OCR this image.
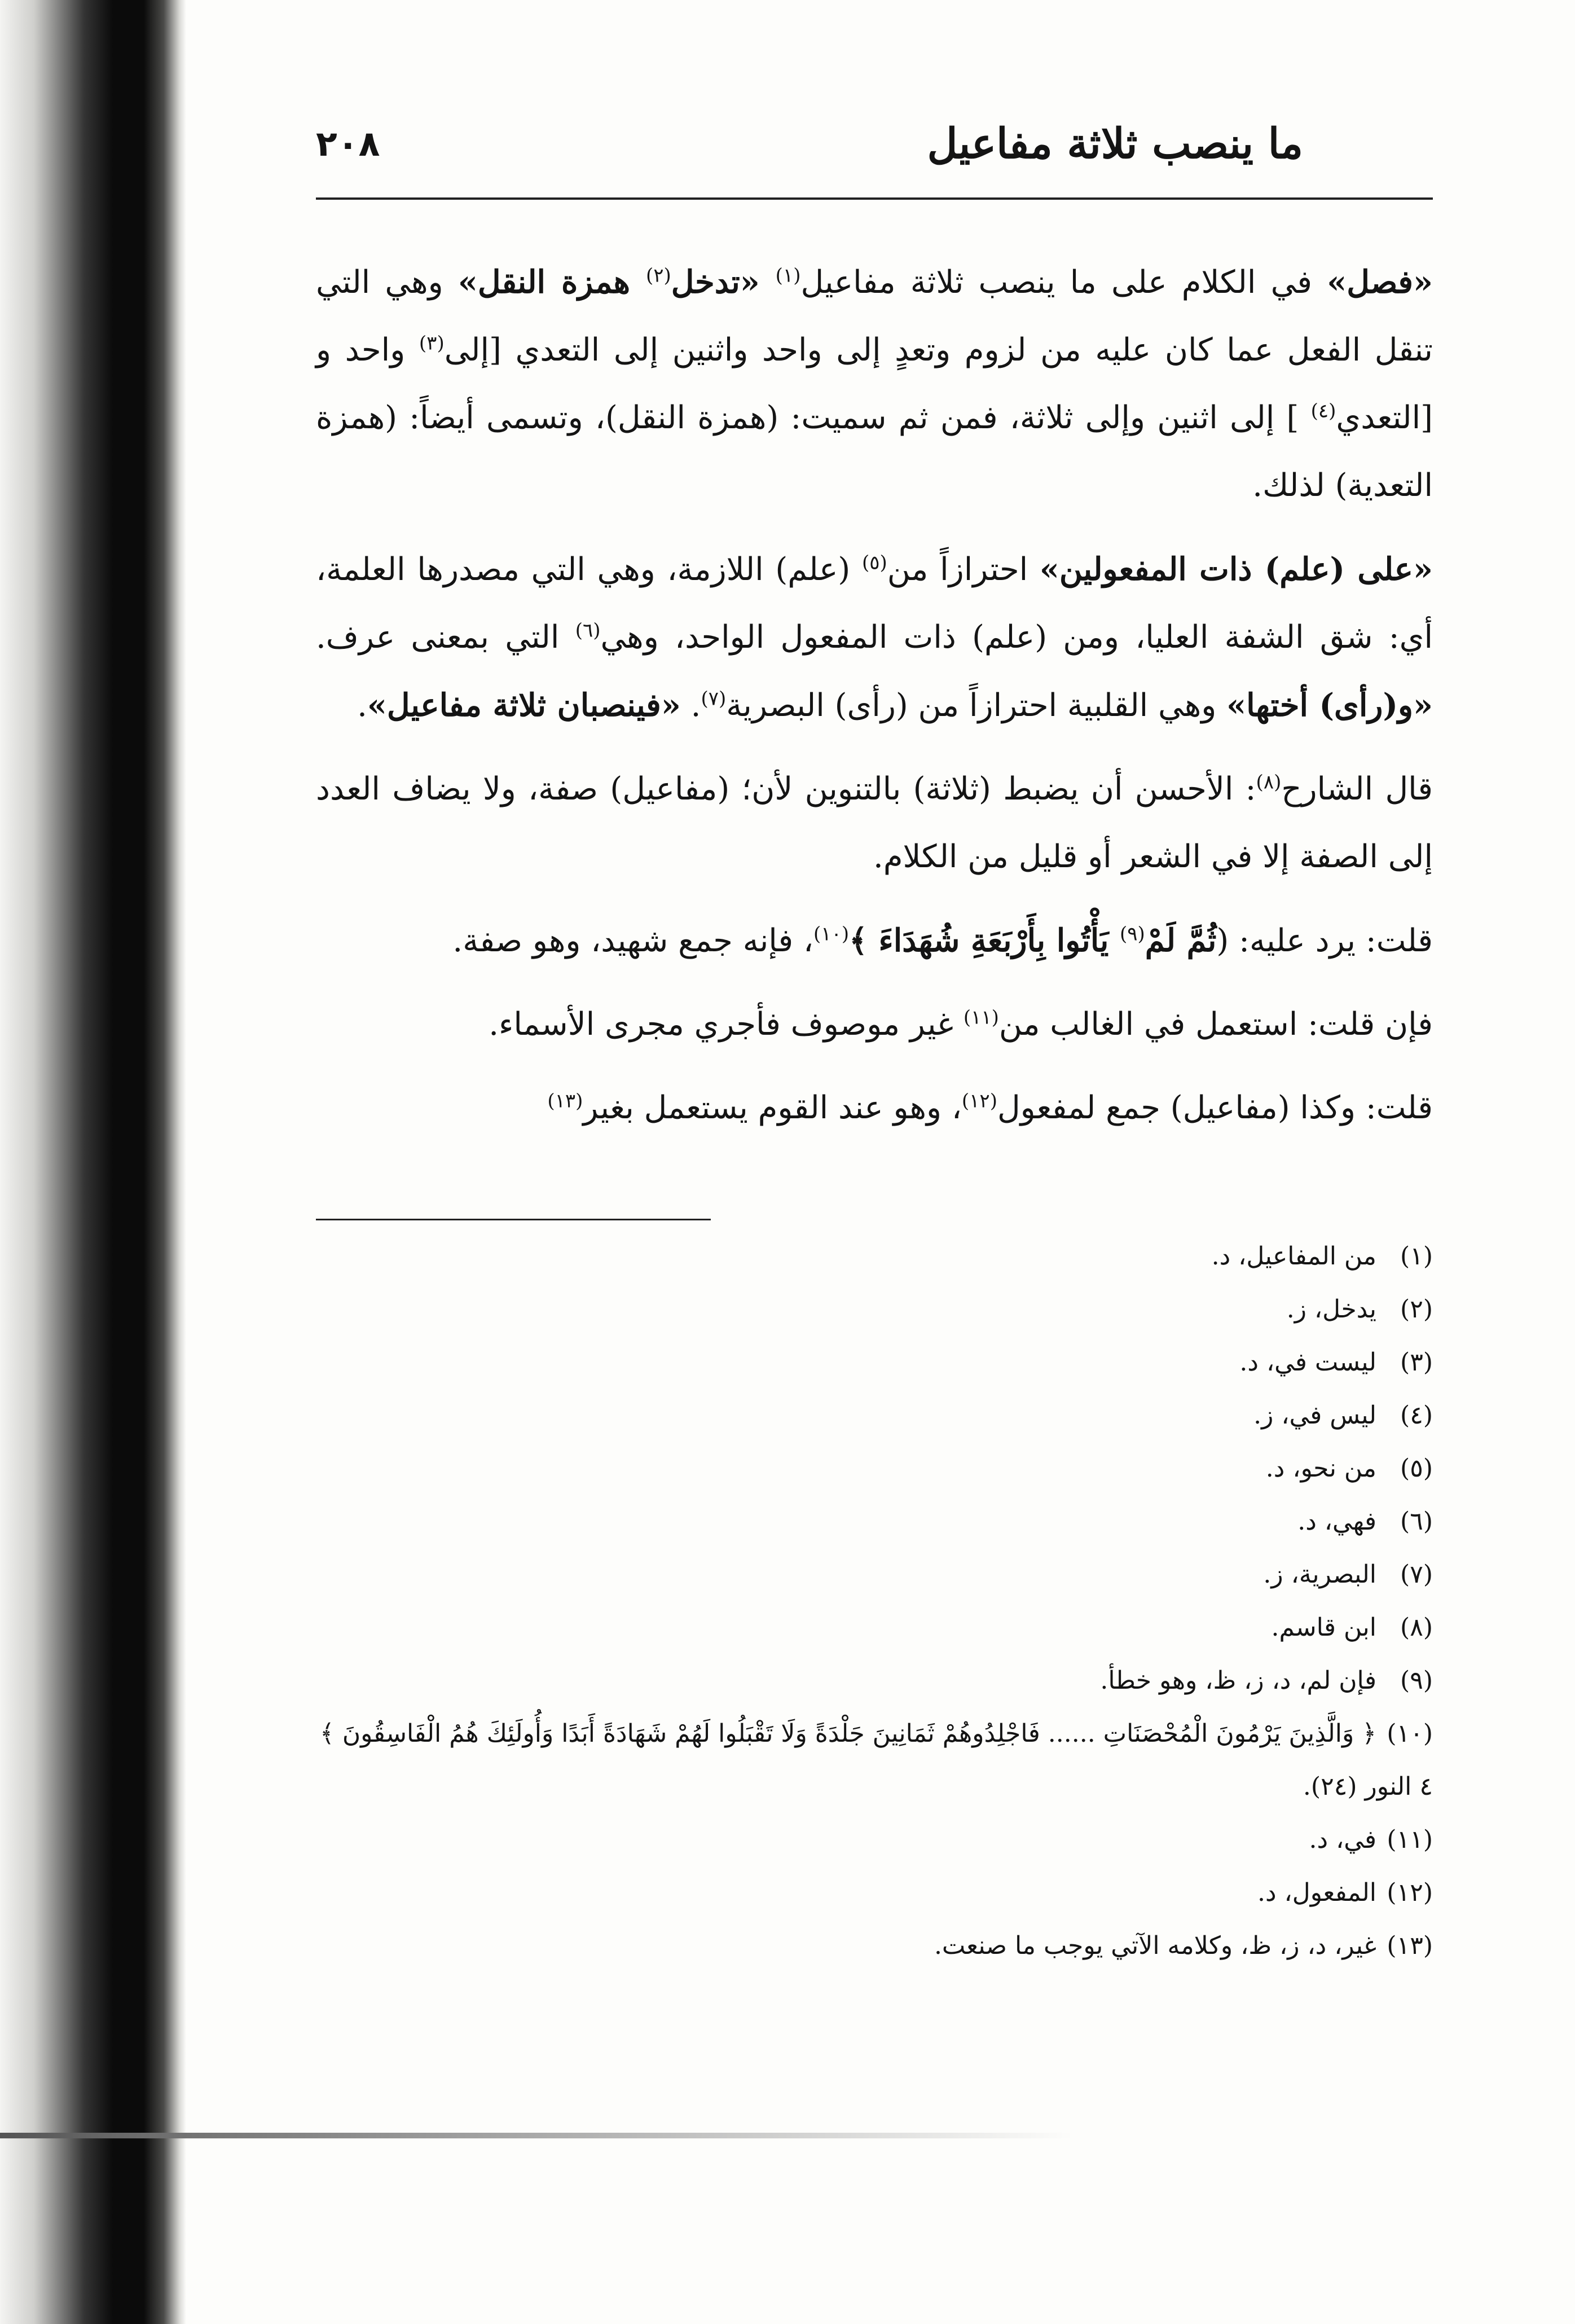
ما ينصب ثلاثة مفاعيل
٢٠٨

«فصل» في الكلام على ما ينصب ثلاثة مفاعيل$^{(١)}$ «تدخل$^{(٢)}$ همزة النقل» وهي التي تنقل الفعل عما كان عليه من لزوم وتعدٍ إلى واحد واثنين إلى التعدي [إلى$^{(٣)}$ واحد و [التعدي$^{(٤)}$ ] إلى اثنين وإلى ثلاثة، فمن ثم سميت: (همزة النقل)، وتسمى أيضاً: (همزة التعدية) لذلك.

«على (علم) ذات المفعولين» احترازاً من$^{(٥)}$ (علم) اللازمة، وهي التي مصدرها العلمة، أي: شق الشفة العليا، ومن (علم) ذات المفعول الواحد، وهي$^{(٦)}$ التي بمعنى عرف. «و(رأى) أختها» وهي القلبية احترازاً من (رأى) البصرية$^{(٧)}$. «فينصبان ثلاثة مفاعيل».

قال الشارح$^{(٨)}$: الأحسن أن يضبط (ثلاثة) بالتنوين لأن؛ (مفاعيل) صفة، ولا يضاف العدد إلى الصفة إلا في الشعر أو قليل من الكلام.

قلت: يرد عليه: (ثُمَّ لَمْ$^{(٩)}$ يَأْتُوا بِأَرْبَعَةِ شُهَدَاءَ ﴾$^{(١٠)}$، فإنه جمع شهيد، وهو صفة.

فإن قلت: استعمل في الغالب من$^{(١١)}$ غير موصوف فأجري مجرى الأسماء.

قلت: وكذا (مفاعيل) جمع لمفعول$^{(١٢)}$، وهو عند القوم يستعمل بغير$^{(١٣)}$

(١)من المفاعيل، د.
(٢)يدخل، ز.
(٣)ليست في، د.
(٤)ليس في، ز.
(٥)من نحو، د.
(٦)فهي، د.
(٧)البصرية، ز.
(٨)ابن قاسم.
(٩)فإن لم، د، ز، ظ، وهو خطأ.
(١٠)﴿ وَالَّذِينَ يَرْمُونَ الْمُحْصَنَاتِ ...... فَاجْلِدُوهُمْ ثَمَانِينَ جَلْدَةً وَلَا تَقْبَلُوا لَهُمْ شَهَادَةً أَبَدًا وَأُولَئِكَ هُمُ الْفَاسِقُونَ ﴾ ٤ النور (٢٤).
(١١)في، د.
(١٢)المفعول، د.
(١٣)غير، د، ز، ظ، وكلامه الآتي يوجب ما صنعت.
